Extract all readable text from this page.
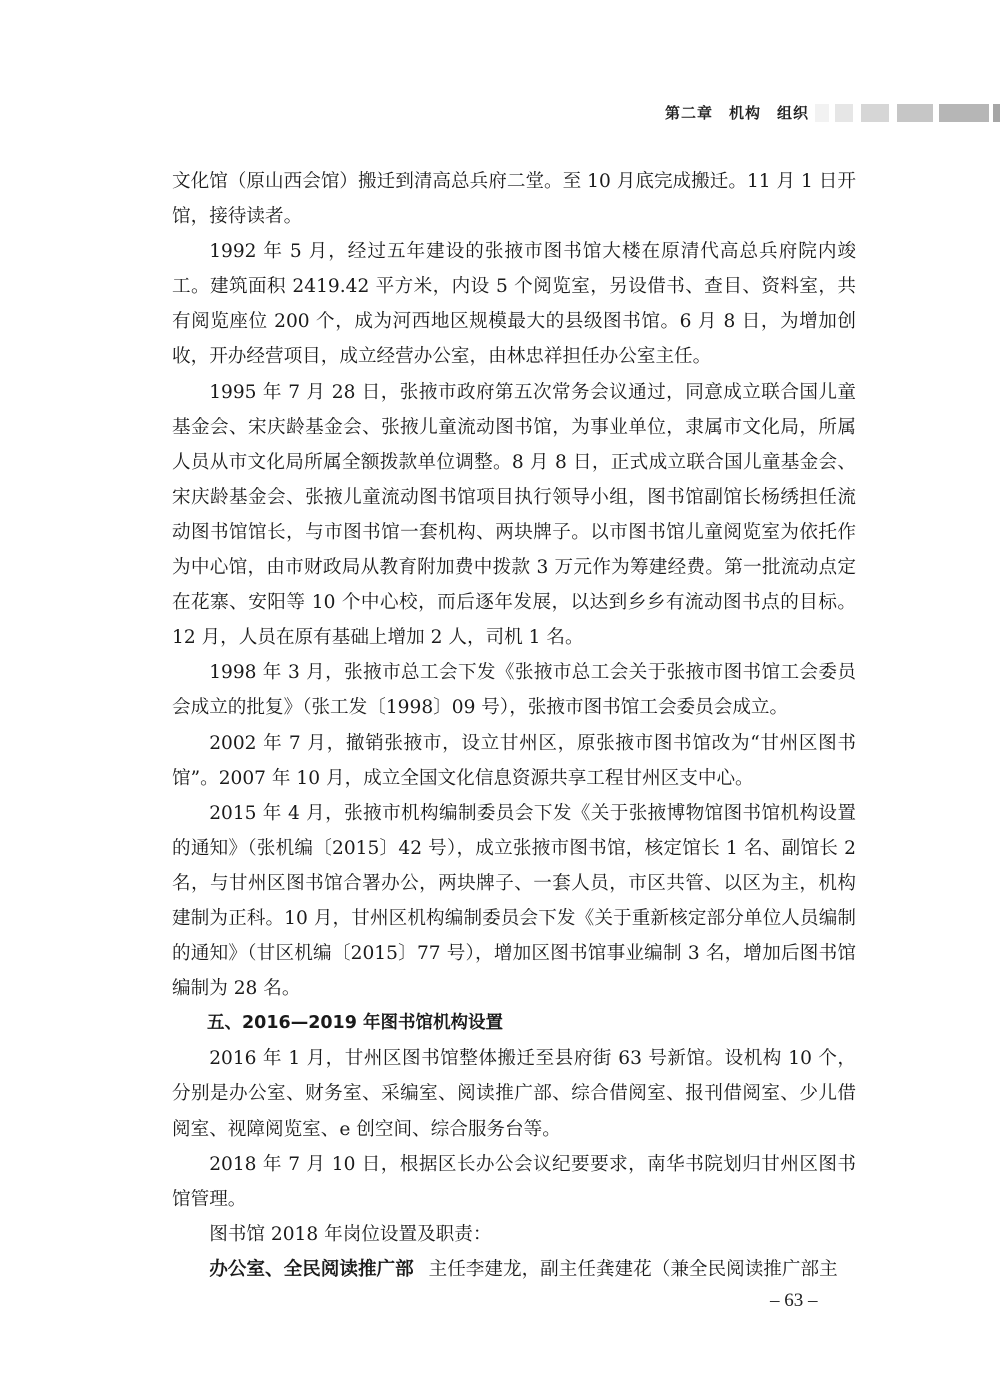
第二章　机构　组织

文化馆（原山西会馆）搬迁到清高总兵府二堂。至 10 月底完成搬迁。11 月 1 日开馆，接待读者。

1992 年 5 月，经过五年建设的张掖市图书馆大楼在原清代高总兵府院内竣工。建筑面积 2419.42 平方米，内设 5 个阅览室，另设借书、查目、资料室，共有阅览座位 200 个，成为河西地区规模最大的县级图书馆。6 月 8 日，为增加创收，开办经营项目，成立经营办公室，由林忠祥担任办公室主任。

1995 年 7 月 28 日，张掖市政府第五次常务会议通过，同意成立联合国儿童基金会、宋庆龄基金会、张掖儿童流动图书馆，为事业单位，隶属市文化局，所属人员从市文化局所属全额拨款单位调整。8 月 8 日，正式成立联合国儿童基金会、宋庆龄基金会、张掖儿童流动图书馆项目执行领导小组，图书馆副馆长杨绣担任流动图书馆馆长，与市图书馆一套机构、两块牌子。以市图书馆儿童阅览室为依托作为中心馆，由市财政局从教育附加费中拨款 3 万元作为筹建经费。第一批流动点定在花寨、安阳等 10 个中心校，而后逐年发展，以达到乡乡有流动图书点的目标。12 月，人员在原有基础上增加 2 人，司机 1 名。

1998 年 3 月，张掖市总工会下发《张掖市总工会关于张掖市图书馆工会委员会成立的批复》（张工发〔1998〕09 号），张掖市图书馆工会委员会成立。

2002 年 7 月，撤销张掖市，设立甘州区，原张掖市图书馆改为“甘州区图书馆”。2007 年 10 月，成立全国文化信息资源共享工程甘州区支中心。

2015 年 4 月，张掖市机构编制委员会下发《关于张掖博物馆图书馆机构设置的通知》（张机编〔2015〕42 号），成立张掖市图书馆，核定馆长 1 名、副馆长 2 名，与甘州区图书馆合署办公，两块牌子、一套人员，市区共管、以区为主，机构建制为正科。10 月，甘州区机构编制委员会下发《关于重新核定部分单位人员编制的通知》（甘区机编〔2015〕77 号），增加区图书馆事业编制 3 名，增加后图书馆编制为 28 名。

五、2016—2019 年图书馆机构设置

2016 年 1 月，甘州区图书馆整体搬迁至县府街 63 号新馆。设机构 10 个，分别是办公室、财务室、采编室、阅读推广部、综合借阅室、报刊借阅室、少儿借阅室、视障阅览室、e 创空间、综合服务台等。

2018 年 7 月 10 日，根据区长办公会议纪要要求，南华书院划归甘州区图书馆管理。

图书馆 2018 年岗位设置及职责：

办公室、全民阅读推广部 主任李建龙，副主任龚建花（兼全民阅读推广部主

– 63 –
